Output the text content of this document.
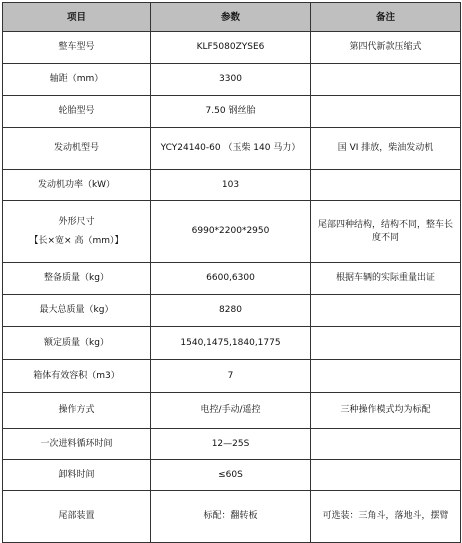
项目	参数	备注
整车型号	KLF5080ZYSE6	第四代新款压缩式
轴距（mm）	3300	
轮胎型号	7.50 钢丝胎	
发动机型号	YCY24140-60 （玉柴 140 马力）	国 VI 排放，柴油发动机
发动机功率（kW）	103	

外形尺寸
【长×宽× 高（mm）】	6990*2200*2950	尾部四种结构，结构不同，整车长度不同
整备质量（kg）	6600,6300	根据车辆的实际重量出证
最大总质量（kg）	8280	
额定质量（kg）	1540,1475,1840,1775	
箱体有效容积（m3）	7	
操作方式	电控/手动/遥控	三种操作模式均为标配
一次进料循环时间	12—25S	
卸料时间	≤60S	
尾部装置	标配：翻转板	可选装：三角斗，落地斗，摆臂
